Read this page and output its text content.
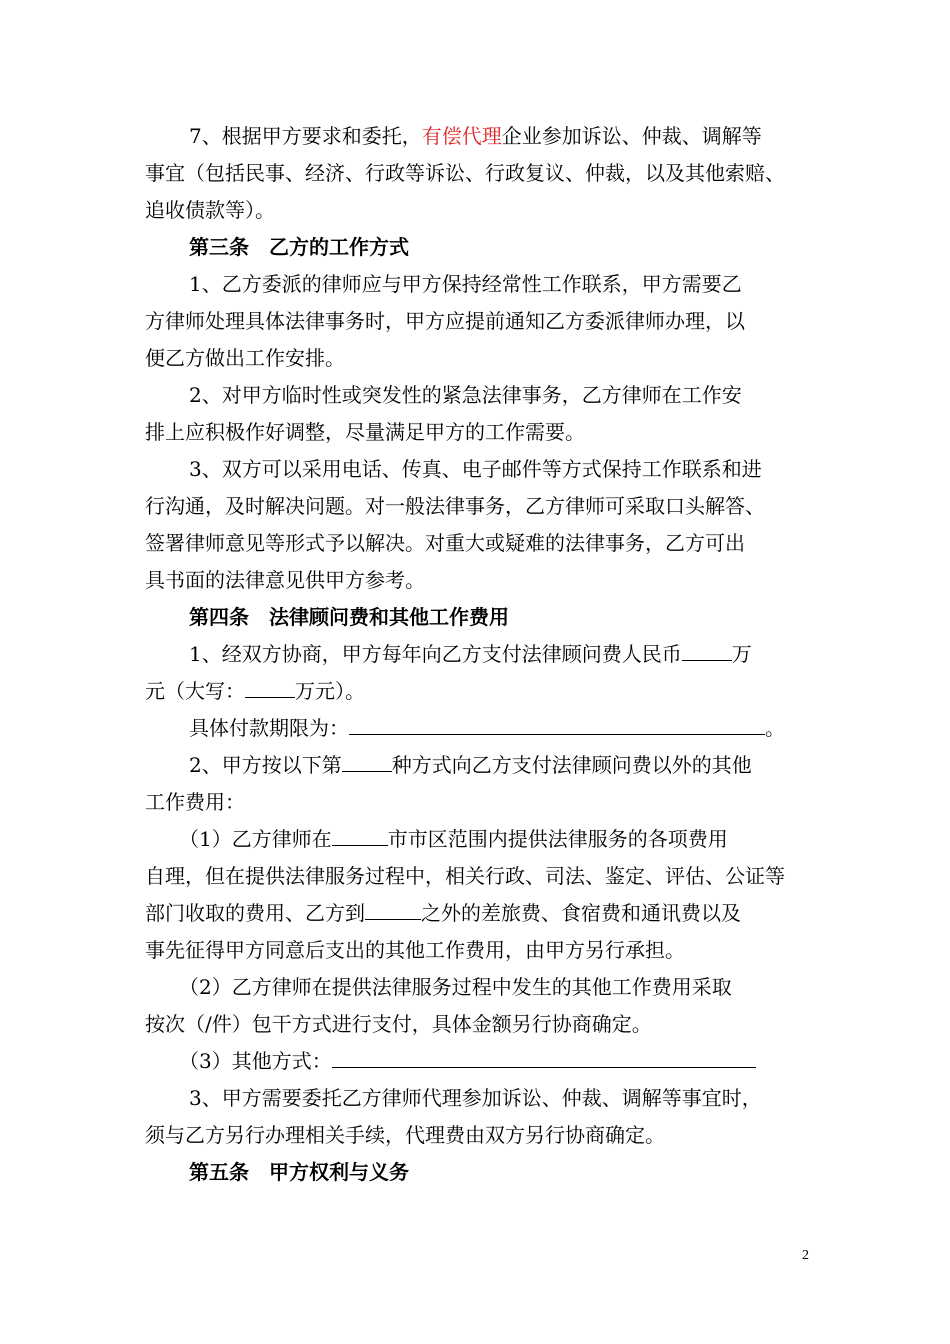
7、根据甲方要求和委托，有偿代理企业参加诉讼、仲裁、调解等
事宜（包括民事、经济、行政等诉讼、行政复议、仲裁，以及其他索赔、
追收债款等）。
第三条　乙方的工作方式
1、乙方委派的律师应与甲方保持经常性工作联系，甲方需要乙
方律师处理具体法律事务时，甲方应提前通知乙方委派律师办理，以
便乙方做出工作安排。
2、对甲方临时性或突发性的紧急法律事务，乙方律师在工作安
排上应积极作好调整，尽量满足甲方的工作需要。
3、双方可以采用电话、传真、电子邮件等方式保持工作联系和进
行沟通，及时解决问题。对一般法律事务，乙方律师可采取口头解答、
签署律师意见等形式予以解决。对重大或疑难的法律事务，乙方可出
具书面的法律意见供甲方参考。
第四条　法律顾问费和其他工作费用
1、经双方协商，甲方每年向乙方支付法律顾问费人民币	万
元（大写：	万元）。
具体付款期限为：	。
2、甲方按以下第	种方式向乙方支付法律顾问费以外的其他
工作费用：
（1）乙方律师在	市市区范围内提供法律服务的各项费用
自理，但在提供法律服务过程中，相关行政、司法、鉴定、评估、公证等
部门收取的费用、乙方到	之外的差旅费、食宿费和通讯费以及
事先征得甲方同意后支出的其他工作费用，由甲方另行承担。
（2）乙方律师在提供法律服务过程中发生的其他工作费用采取
按次（/件）包干方式进行支付，具体金额另行协商确定。
（3）其他方式：
3、甲方需要委托乙方律师代理参加诉讼、仲裁、调解等事宜时，
须与乙方另行办理相关手续，代理费由双方另行协商确定。
第五条　甲方权利与义务
2
